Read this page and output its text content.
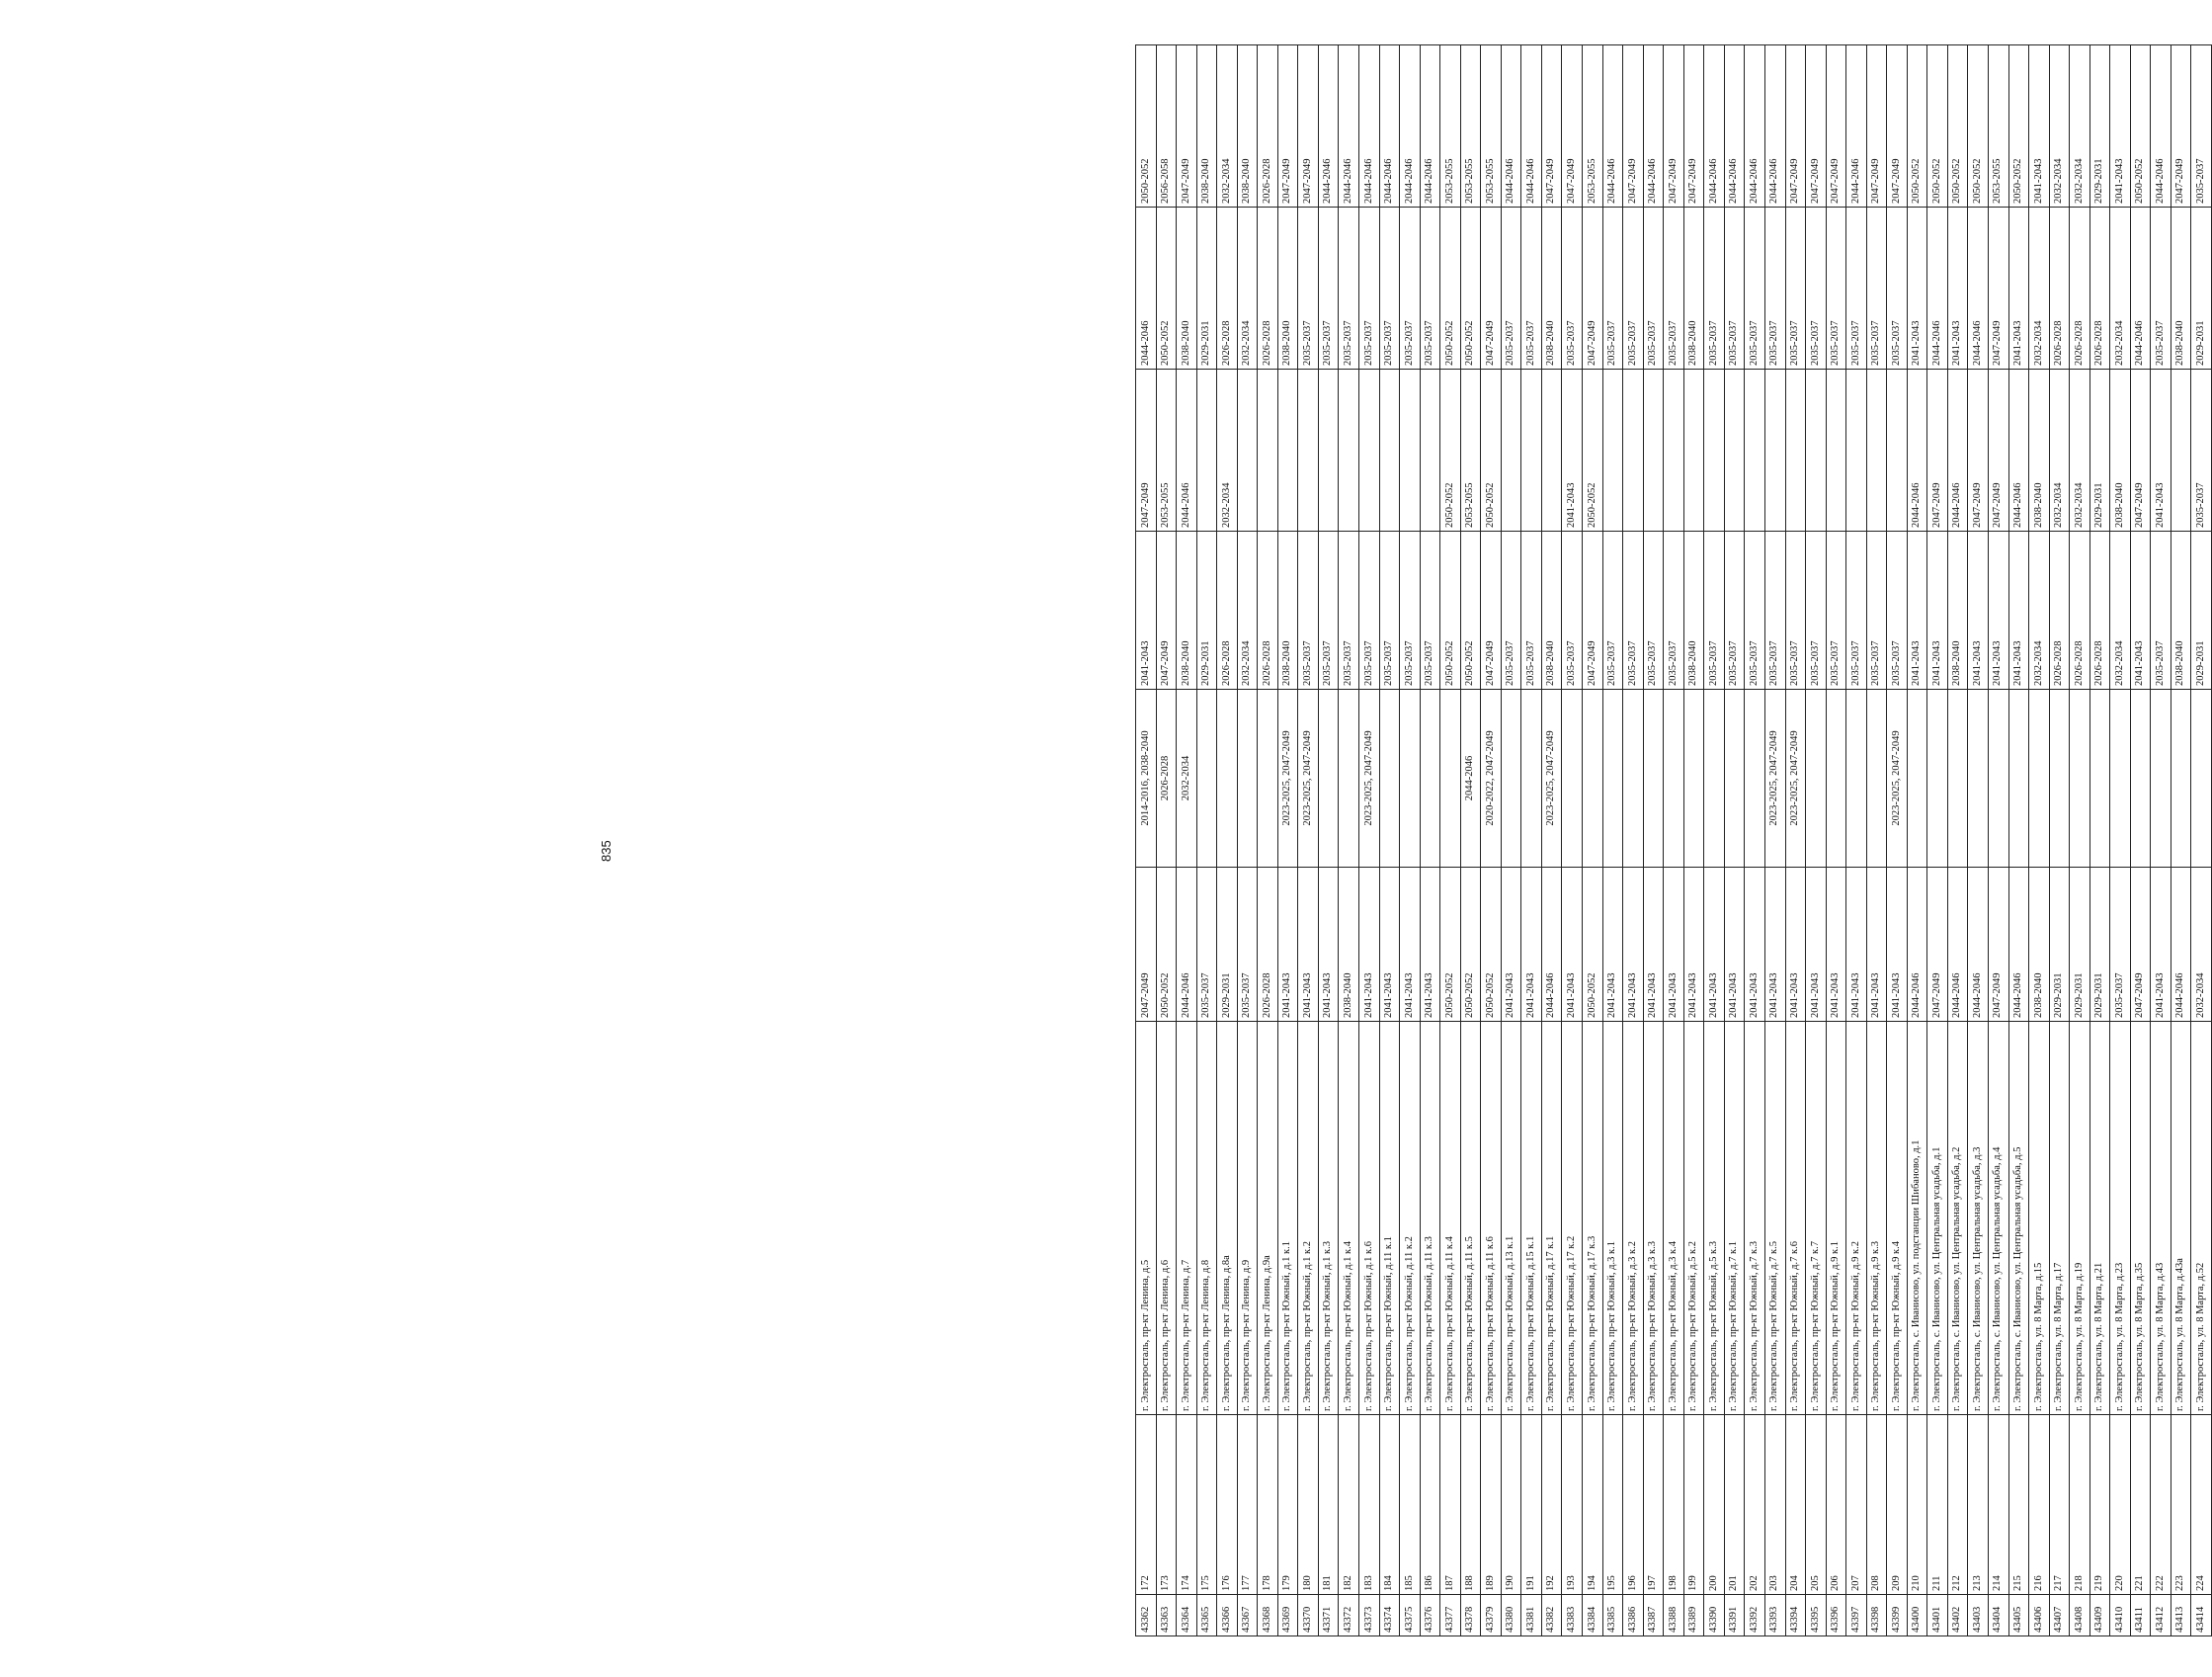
43362	172	г. Электросталь, пр-кт Ленина, д.5	2047-2049	2014-2016, 2038-2040	2041-2043	2047-2049	2044-2046	2050-2052
43363	173	г. Электросталь, пр-кт Ленина, д.6	2050-2052	2026-2028	2047-2049	2053-2055	2050-2052	2056-2058
43364	174	г. Электросталь, пр-кт Ленина, д.7	2044-2046	2032-2034	2038-2040	2044-2046	2038-2040	2047-2049
43365	175	г. Электросталь, пр-кт Ленина, д.8	2035-2037		2029-2031		2029-2031	2038-2040
43366	176	г. Электросталь, пр-кт Ленина, д.8а	2029-2031		2026-2028	2032-2034	2026-2028	2032-2034
43367	177	г. Электросталь, пр-кт Ленина, д.9	2035-2037		2032-2034		2032-2034	2038-2040
43368	178	г. Электросталь, пр-кт Ленина, д.9а	2026-2028		2026-2028		2026-2028	2026-2028
43369	179	г. Электросталь, пр-кт Южный, д.1 к.1	2041-2043	2023-2025, 2047-2049	2038-2040		2038-2040	2047-2049
43370	180	г. Электросталь, пр-кт Южный, д.1 к.2	2041-2043	2023-2025, 2047-2049	2035-2037		2035-2037	2047-2049
43371	181	г. Электросталь, пр-кт Южный, д.1 к.3	2041-2043		2035-2037		2035-2037	2044-2046
43372	182	г. Электросталь, пр-кт Южный, д.1 к.4	2038-2040		2035-2037		2035-2037	2044-2046
43373	183	г. Электросталь, пр-кт Южный, д.1 к.6	2041-2043	2023-2025, 2047-2049	2035-2037		2035-2037	2044-2046
43374	184	г. Электросталь, пр-кт Южный, д.11 к.1	2041-2043		2035-2037		2035-2037	2044-2046
43375	185	г. Электросталь, пр-кт Южный, д.11 к.2	2041-2043		2035-2037		2035-2037	2044-2046
43376	186	г. Электросталь, пр-кт Южный, д.11 к.3	2041-2043		2035-2037		2035-2037	2044-2046
43377	187	г. Электросталь, пр-кт Южный, д.11 к.4	2050-2052		2050-2052	2050-2052	2050-2052	2053-2055
43378	188	г. Электросталь, пр-кт Южный, д.11 к.5	2050-2052	2044-2046	2050-2052	2053-2055	2050-2052	2053-2055
43379	189	г. Электросталь, пр-кт Южный, д.11 к.6	2050-2052	2020-2022, 2047-2049	2047-2049	2050-2052	2047-2049	2053-2055
43380	190	г. Электросталь, пр-кт Южный, д.13 к.1	2041-2043		2035-2037		2035-2037	2044-2046
43381	191	г. Электросталь, пр-кт Южный, д.15 к.1	2041-2043		2035-2037		2035-2037	2044-2046
43382	192	г. Электросталь, пр-кт Южный, д.17 к.1	2044-2046	2023-2025, 2047-2049	2038-2040		2038-2040	2047-2049
43383	193	г. Электросталь, пр-кт Южный, д.17 к.2	2041-2043		2035-2037	2041-2043	2035-2037	2047-2049
43384	194	г. Электросталь, пр-кт Южный, д.17 к.3	2050-2052		2047-2049	2050-2052	2047-2049	2053-2055
43385	195	г. Электросталь, пр-кт Южный, д.3 к.1	2041-2043		2035-2037		2035-2037	2044-2046
43386	196	г. Электросталь, пр-кт Южный, д.3 к.2	2041-2043		2035-2037		2035-2037	2047-2049
43387	197	г. Электросталь, пр-кт Южный, д.3 к.3	2041-2043		2035-2037		2035-2037	2044-2046
43388	198	г. Электросталь, пр-кт Южный, д.3 к.4	2041-2043		2035-2037		2035-2037	2047-2049
43389	199	г. Электросталь, пр-кт Южный, д.5 к.2	2041-2043		2038-2040		2038-2040	2047-2049
43390	200	г. Электросталь, пр-кт Южный, д.5 к.3	2041-2043		2035-2037		2035-2037	2044-2046
43391	201	г. Электросталь, пр-кт Южный, д.7 к.1	2041-2043		2035-2037		2035-2037	2044-2046
43392	202	г. Электросталь, пр-кт Южный, д.7 к.3	2041-2043		2035-2037		2035-2037	2044-2046
43393	203	г. Электросталь, пр-кт Южный, д.7 к.5	2041-2043	2023-2025, 2047-2049	2035-2037		2035-2037	2044-2046
43394	204	г. Электросталь, пр-кт Южный, д.7 к.6	2041-2043	2023-2025, 2047-2049	2035-2037		2035-2037	2047-2049
43395	205	г. Электросталь, пр-кт Южный, д.7 к.7	2041-2043		2035-2037		2035-2037	2047-2049
43396	206	г. Электросталь, пр-кт Южный, д.9 к.1	2041-2043		2035-2037		2035-2037	2047-2049
43397	207	г. Электросталь, пр-кт Южный, д.9 к.2	2041-2043		2035-2037		2035-2037	2044-2046
43398	208	г. Электросталь, пр-кт Южный, д.9 к.3	2041-2043		2035-2037		2035-2037	2047-2049
43399	209	г. Электросталь, пр-кт Южный, д.9 к.4	2041-2043	2023-2025, 2047-2049	2035-2037		2035-2037	2047-2049
43400	210	г. Электросталь, с. Иванисово, ул. подстанции Шибаново, д.1	2044-2046		2041-2043	2044-2046	2041-2043	2050-2052
43401	211	г. Электросталь, с. Иванисово, ул. Центральная усадьба, д.1	2047-2049		2041-2043	2047-2049	2044-2046	2050-2052
43402	212	г. Электросталь, с. Иванисово, ул. Центральная усадьба, д.2	2044-2046		2038-2040	2044-2046	2041-2043	2050-2052
43403	213	г. Электросталь, с. Иванисово, ул. Центральная усадьба, д.3	2044-2046		2041-2043	2047-2049	2044-2046	2050-2052
43404	214	г. Электросталь, с. Иванисово, ул. Центральная усадьба, д.4	2047-2049		2041-2043	2047-2049	2047-2049	2053-2055
43405	215	г. Электросталь, с. Иванисово, ул. Центральная усадьба, д.5	2044-2046		2041-2043	2044-2046	2041-2043	2050-2052
43406	216	г. Электросталь, ул. 8 Марта, д.15	2038-2040		2032-2034	2038-2040	2032-2034	2041-2043
43407	217	г. Электросталь, ул. 8 Марта, д.17	2029-2031		2026-2028	2032-2034	2026-2028	2032-2034
43408	218	г. Электросталь, ул. 8 Марта, д.19	2029-2031		2026-2028	2032-2034	2026-2028	2032-2034
43409	219	г. Электросталь, ул. 8 Марта, д.21	2029-2031		2026-2028	2029-2031	2026-2028	2029-2031
43410	220	г. Электросталь, ул. 8 Марта, д.23	2035-2037		2032-2034	2038-2040	2032-2034	2041-2043
43411	221	г. Электросталь, ул. 8 Марта, д.35	2047-2049		2041-2043	2047-2049	2044-2046	2050-2052
43412	222	г. Электросталь, ул. 8 Марта, д.43	2041-2043		2035-2037	2041-2043	2035-2037	2044-2046
43413	223	г. Электросталь, ул. 8 Марта, д.43а	2044-2046		2038-2040		2038-2040	2047-2049
43414	224	г. Электросталь, ул. 8 Марта, д.52	2032-2034		2029-2031	2035-2037	2029-2031	2035-2037
835
